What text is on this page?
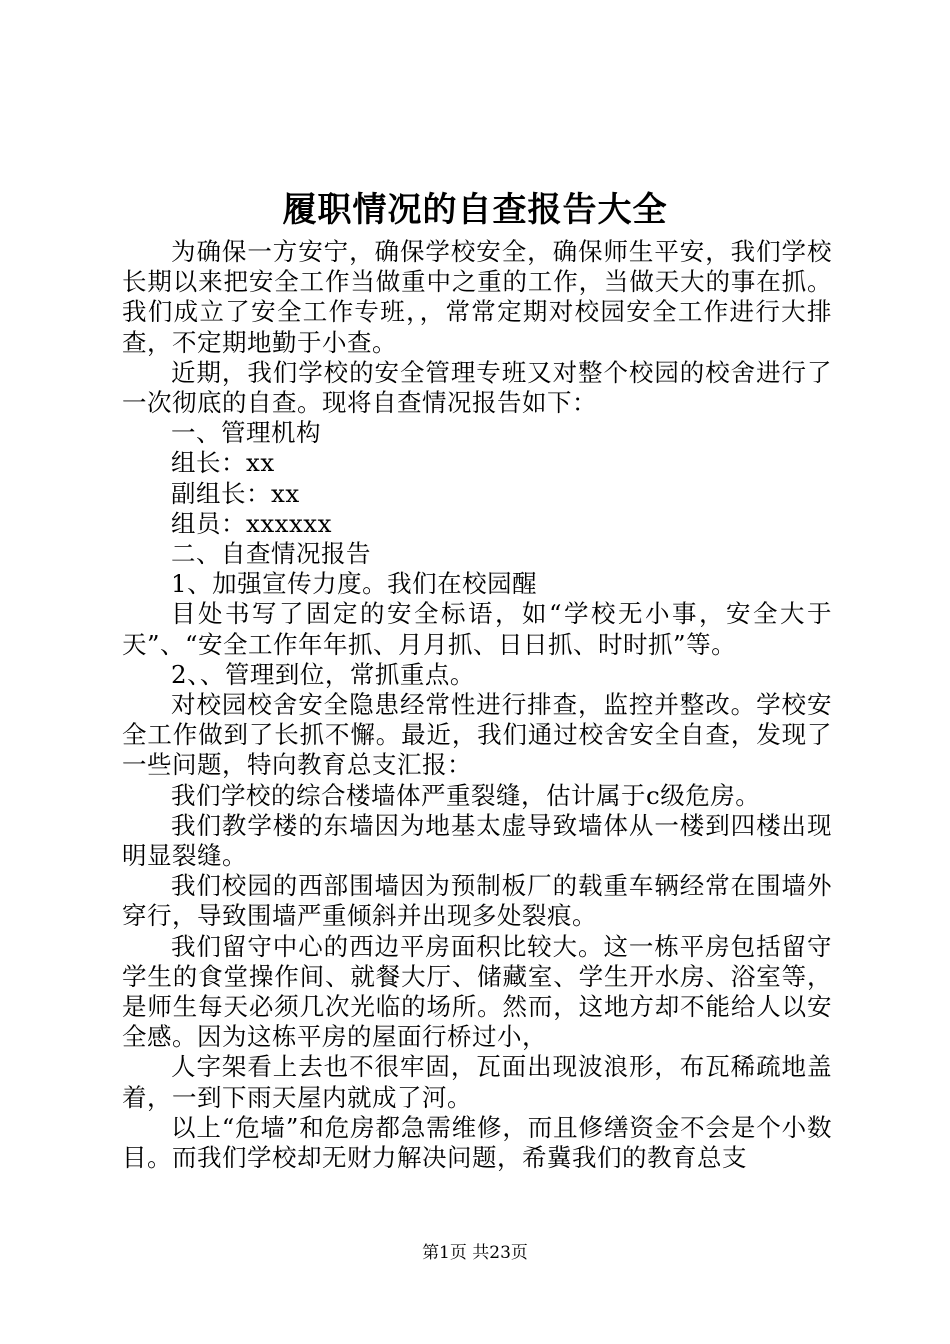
履职情况的自查报告大全

为确保一方安宁，确保学校安全，确保师生平安，我们学校长期以来把安全工作当做重中之重的工作，当做天大的事在抓。我们成立了安全工作专班，，常常定期对校园安全工作进行大排查，不定期地勤于小查。

近期，我们学校的安全管理专班又对整个校园的校舍进行了一次彻底的自查。现将自查情况报告如下：

一、管理机构

组长：xx

副组长：xx

组员：xxxxxx

二、自查情况报告

1、加强宣传力度。我们在校园醒

目处书写了固定的安全标语，如“学校无小事，安全大于天”、“安全工作年年抓、月月抓、日日抓、时时抓”等。

2、、管理到位，常抓重点。

对校园校舍安全隐患经常性进行排查，监控并整改。学校安全工作做到了长抓不懈。最近，我们通过校舍安全自查，发现了一些问题，特向教育总支汇报：

我们学校的综合楼墙体严重裂缝，估计属于c级危房。

我们教学楼的东墙因为地基太虚导致墙体从一楼到四楼出现明显裂缝。

我们校园的西部围墙因为预制板厂的载重车辆经常在围墙外穿行，导致围墙严重倾斜并出现多处裂痕。

我们留守中心的西边平房面积比较大。这一栋平房包括留守学生的食堂操作间、就餐大厅、储藏室、学生开水房、浴室等，是师生每天必须几次光临的场所。然而，这地方却不能给人以安全感。因为这栋平房的屋面行桥过小，

人字架看上去也不很牢固，瓦面出现波浪形，布瓦稀疏地盖着，一到下雨天屋内就成了河。

以上“危墙”和危房都急需维修，而且修缮资金不会是个小数目。而我们学校却无财力解决问题，希冀我们的教育总支

第1页 共23页
